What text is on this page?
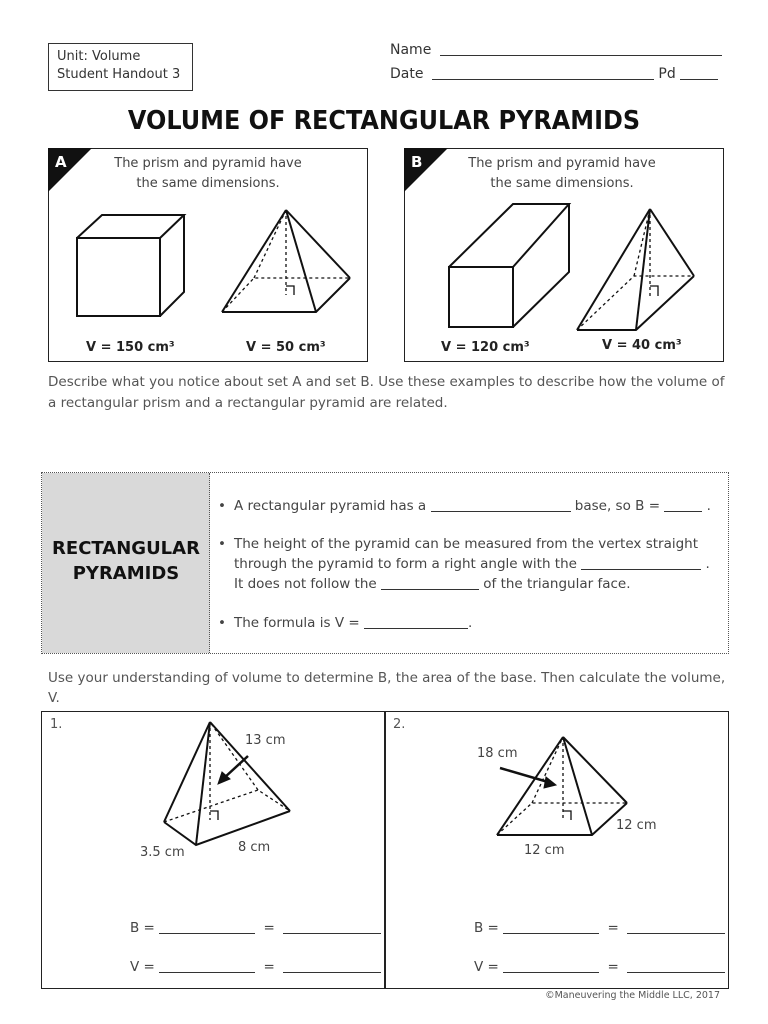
Unit: Volume
Student Handout 3
Name
Date	Pd
VOLUME OF RECTANGULAR PYRAMIDS
A	The prism and pyramid have
the same dimensions.
V = 150 cm³	V = 50 cm³
B	The prism and pyramid have
the same dimensions.
V = 120 cm³	V = 40 cm³
Describe what you notice about set A and set B. Use these examples to describe how the volume of a rectangular prism and a rectangular pyramid are related.
RECTANGULAR
PYRAMIDS
• A rectangular pyramid has a	base, so B =	.
• The height of the pyramid can be measured from the vertex straight
through the pyramid to form a right angle with the	.
It does not follow the	of the triangular face.
• The formula is V =	.
Use your understanding of volume to determine B, the area of the base. Then calculate the volume, V.
1.
13 cm
3.5 cm	8 cm
B =	=
V =	=
2.
18 cm
12 cm
12 cm
B =	=
V =	=
©Maneuvering the Middle LLC, 2017
